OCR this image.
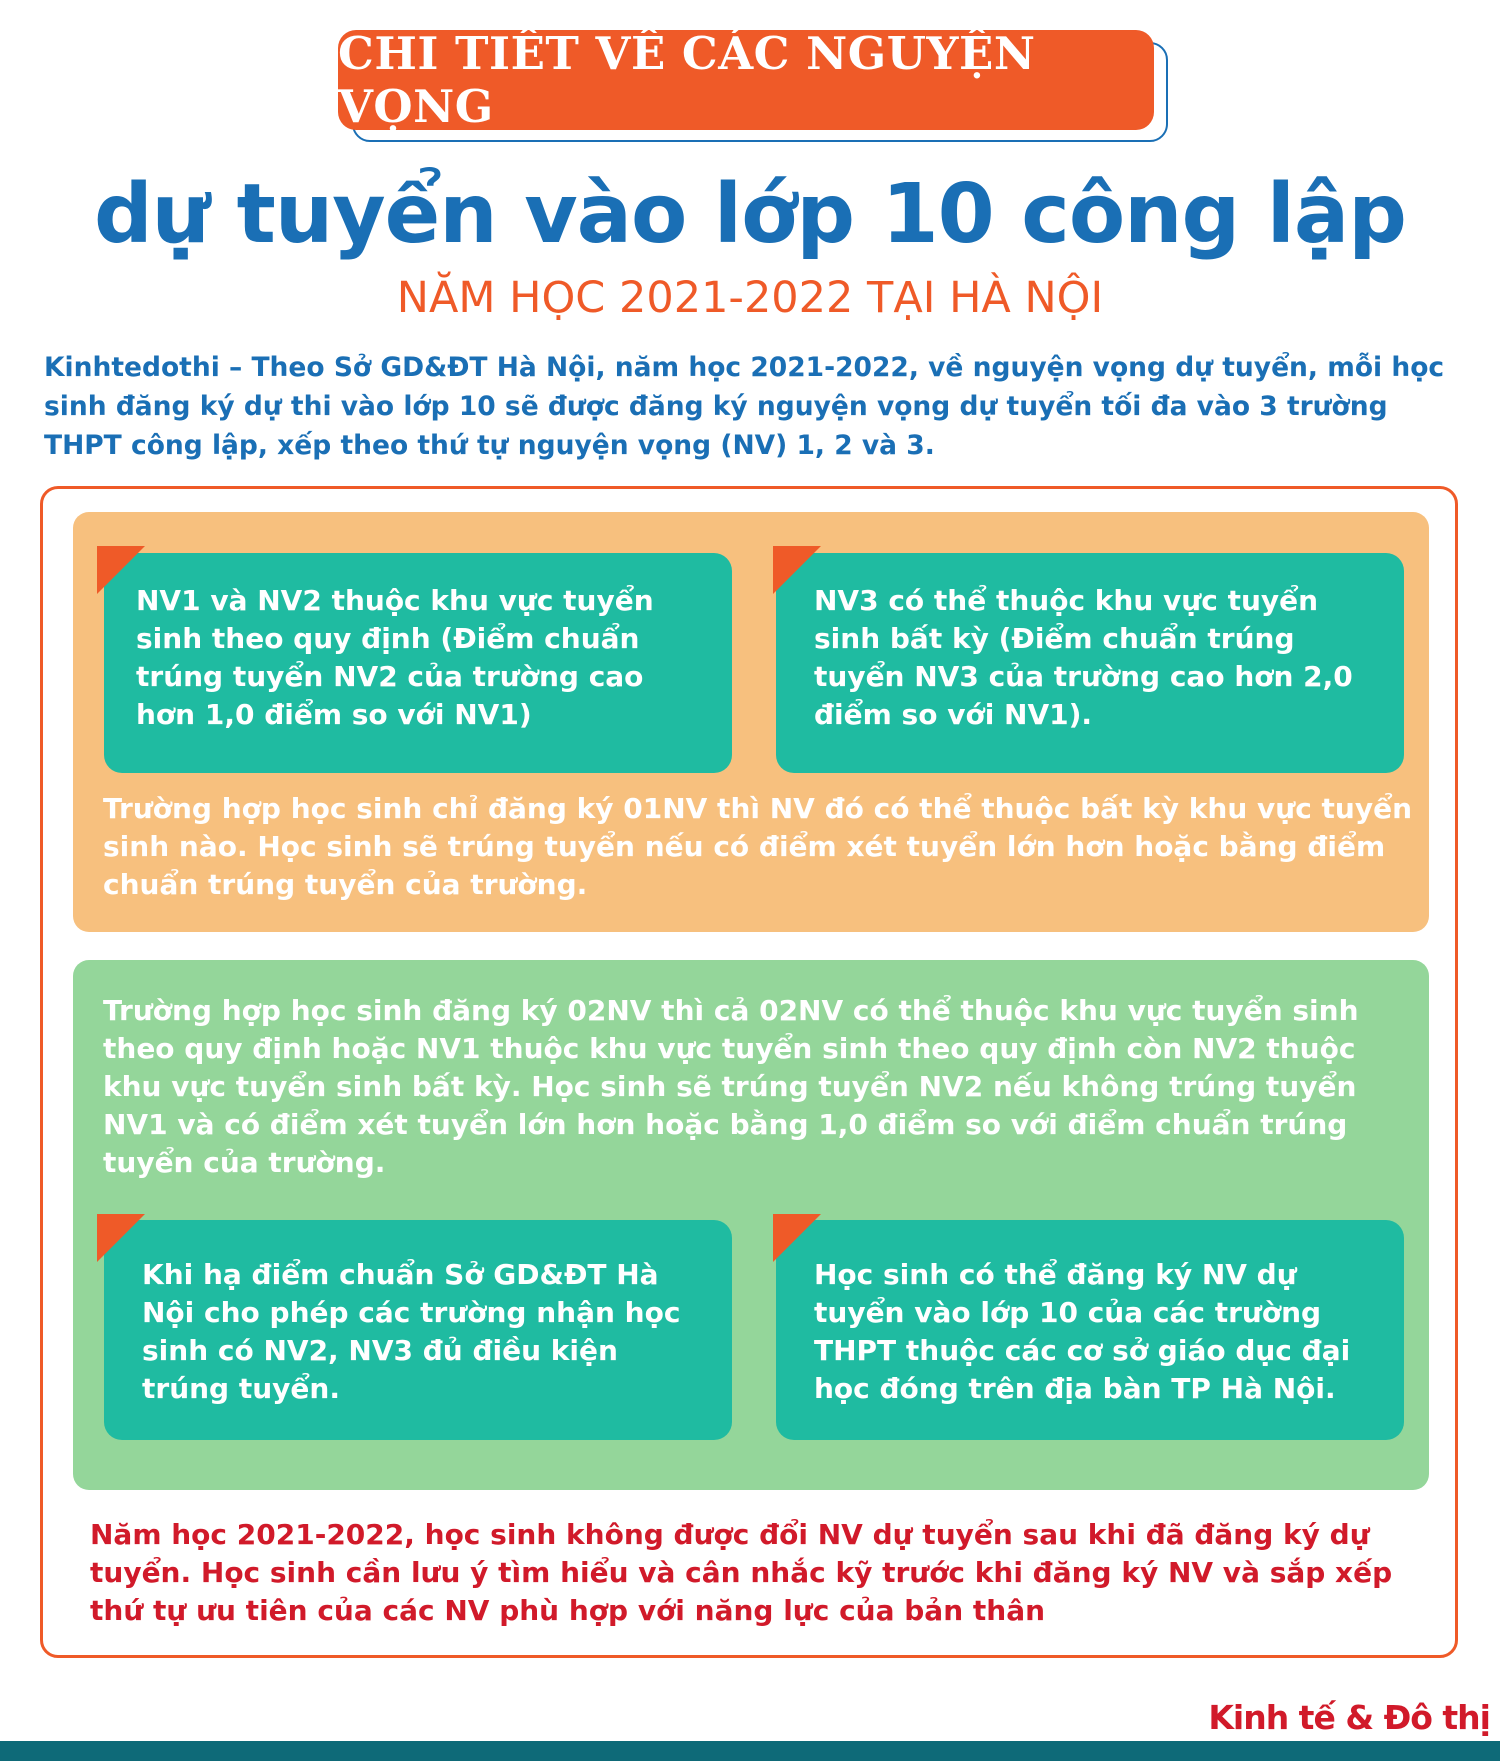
CHI TIẾT VỀ CÁC NGUYỆN VỌNG
dự tuyển vào lớp 10 công lập
NĂM HỌC 2021-2022 TẠI HÀ NỘI

Kinhtedothi – Theo Sở GD&ĐT Hà Nội, năm học 2021-2022, về nguyện vọng dự tuyển, mỗi học sinh đăng ký dự thi vào lớp 10 sẽ được đăng ký nguyện vọng dự tuyển tối đa vào 3 trường THPT công lập, xếp theo thứ tự nguyện vọng (NV) 1, 2 và 3.

NV1 và NV2 thuộc khu vực tuyển sinh theo quy định (Điểm chuẩn trúng tuyển NV2 của trường cao hơn 1,0 điểm so với NV1)
NV3 có thể thuộc khu vực tuyển sinh bất kỳ (Điểm chuẩn trúng tuyển NV3 của trường cao hơn 2,0 điểm so với NV1).
Trường hợp học sinh chỉ đăng ký 01NV thì NV đó có thể thuộc bất kỳ khu vực tuyển sinh nào. Học sinh sẽ trúng tuyển nếu có điểm xét tuyển lớn hơn hoặc bằng điểm chuẩn trúng tuyển của trường.
Trường hợp học sinh đăng ký 02NV thì cả 02NV có thể thuộc khu vực tuyển sinh theo quy định hoặc NV1 thuộc khu vực tuyển sinh theo quy định còn NV2 thuộc khu vực tuyển sinh bất kỳ. Học sinh sẽ trúng tuyển NV2 nếu không trúng tuyển NV1 và có điểm xét tuyển lớn hơn hoặc bằng 1,0 điểm so với điểm chuẩn trúng tuyển của trường.
Khi hạ điểm chuẩn Sở GD&ĐT Hà Nội cho phép các trường nhận học sinh có NV2, NV3 đủ điều kiện trúng tuyển.
Học sinh có thể đăng ký NV dự tuyển vào lớp 10 của các trường THPT thuộc các cơ sở giáo dục đại học đóng trên địa bàn TP Hà Nội.
Năm học 2021-2022, học sinh không được đổi NV dự tuyển sau khi đã đăng ký dự tuyển. Học sinh cần lưu ý tìm hiểu và cân nhắc kỹ trước khi đăng ký NV và sắp xếp thứ tự ưu tiên của các NV phù hợp với năng lực của bản thân
Kinh tế & Đô thị
